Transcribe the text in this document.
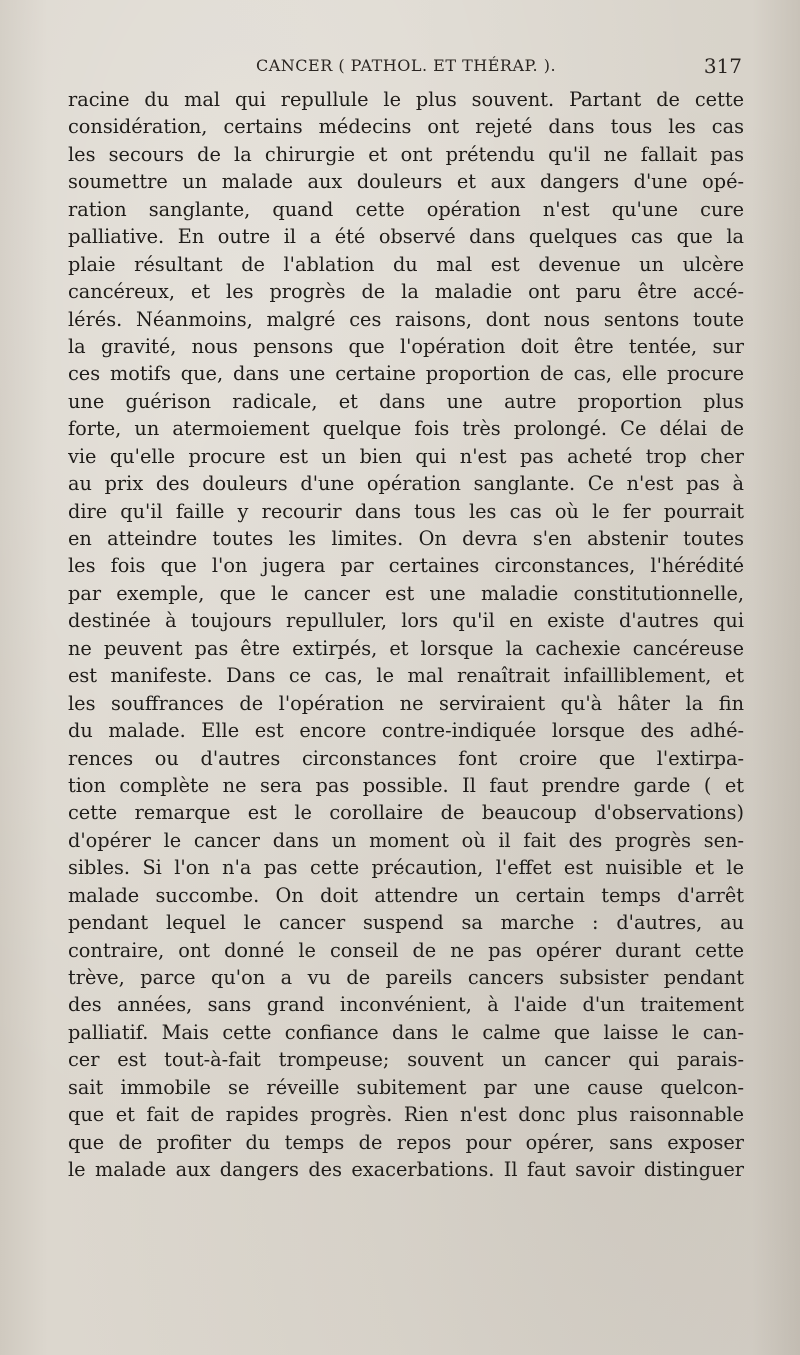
CANCER ( PATHOL. ET THÉRAP. ).	317
racine du mal qui repullule le plus souvent. Partant de cette
considération, certains médecins ont rejeté dans tous les cas
les secours de la chirurgie et ont prétendu qu'il ne fallait pas
soumettre un malade aux douleurs et aux dangers d'une opé-
ration sanglante, quand cette opération n'est qu'une cure
palliative. En outre il a été observé dans quelques cas que la
plaie résultant de l'ablation du mal est devenue un ulcère
cancéreux, et les progrès de la maladie ont paru être accé-
lérés. Néanmoins, malgré ces raisons, dont nous sentons toute
la gravité, nous pensons que l'opération doit être tentée, sur
ces motifs que, dans une certaine proportion de cas, elle procure
une guérison radicale, et dans une autre proportion plus
forte, un atermoiement quelque fois très prolongé. Ce délai de
vie qu'elle procure est un bien qui n'est pas acheté trop cher
au prix des douleurs d'une opération sanglante. Ce n'est pas à
dire qu'il faille y recourir dans tous les cas où le fer pourrait
en atteindre toutes les limites. On devra s'en abstenir toutes
les fois que l'on jugera par certaines circonstances, l'hérédité
par exemple, que le cancer est une maladie constitutionnelle,
destinée à toujours repulluler, lors qu'il en existe d'autres qui
ne peuvent pas être extirpés, et lorsque la cachexie cancéreuse
est manifeste. Dans ce cas, le mal renaîtrait infailliblement, et
les souffrances de l'opération ne serviraient qu'à hâter la fin
du malade. Elle est encore contre-indiquée lorsque des adhé-
rences ou d'autres circonstances font croire que l'extirpa-
tion complète ne sera pas possible. Il faut prendre garde ( et
cette remarque est le corollaire de beaucoup d'observations)
d'opérer le cancer dans un moment où il fait des progrès sen-
sibles. Si l'on n'a pas cette précaution, l'effet est nuisible et le
malade succombe. On doit attendre un certain temps d'arrêt
pendant lequel le cancer suspend sa marche : d'autres, au
contraire, ont donné le conseil de ne pas opérer durant cette
trève, parce qu'on a vu de pareils cancers subsister pendant
des années, sans grand inconvénient, à l'aide d'un traitement
palliatif. Mais cette confiance dans le calme que laisse le can-
cer est tout-à-fait trompeuse; souvent un cancer qui parais-
sait immobile se réveille subitement par une cause quelcon-
que et fait de rapides progrès. Rien n'est donc plus raisonnable
que de profiter du temps de repos pour opérer, sans exposer
le malade aux dangers des exacerbations. Il faut savoir distinguer
